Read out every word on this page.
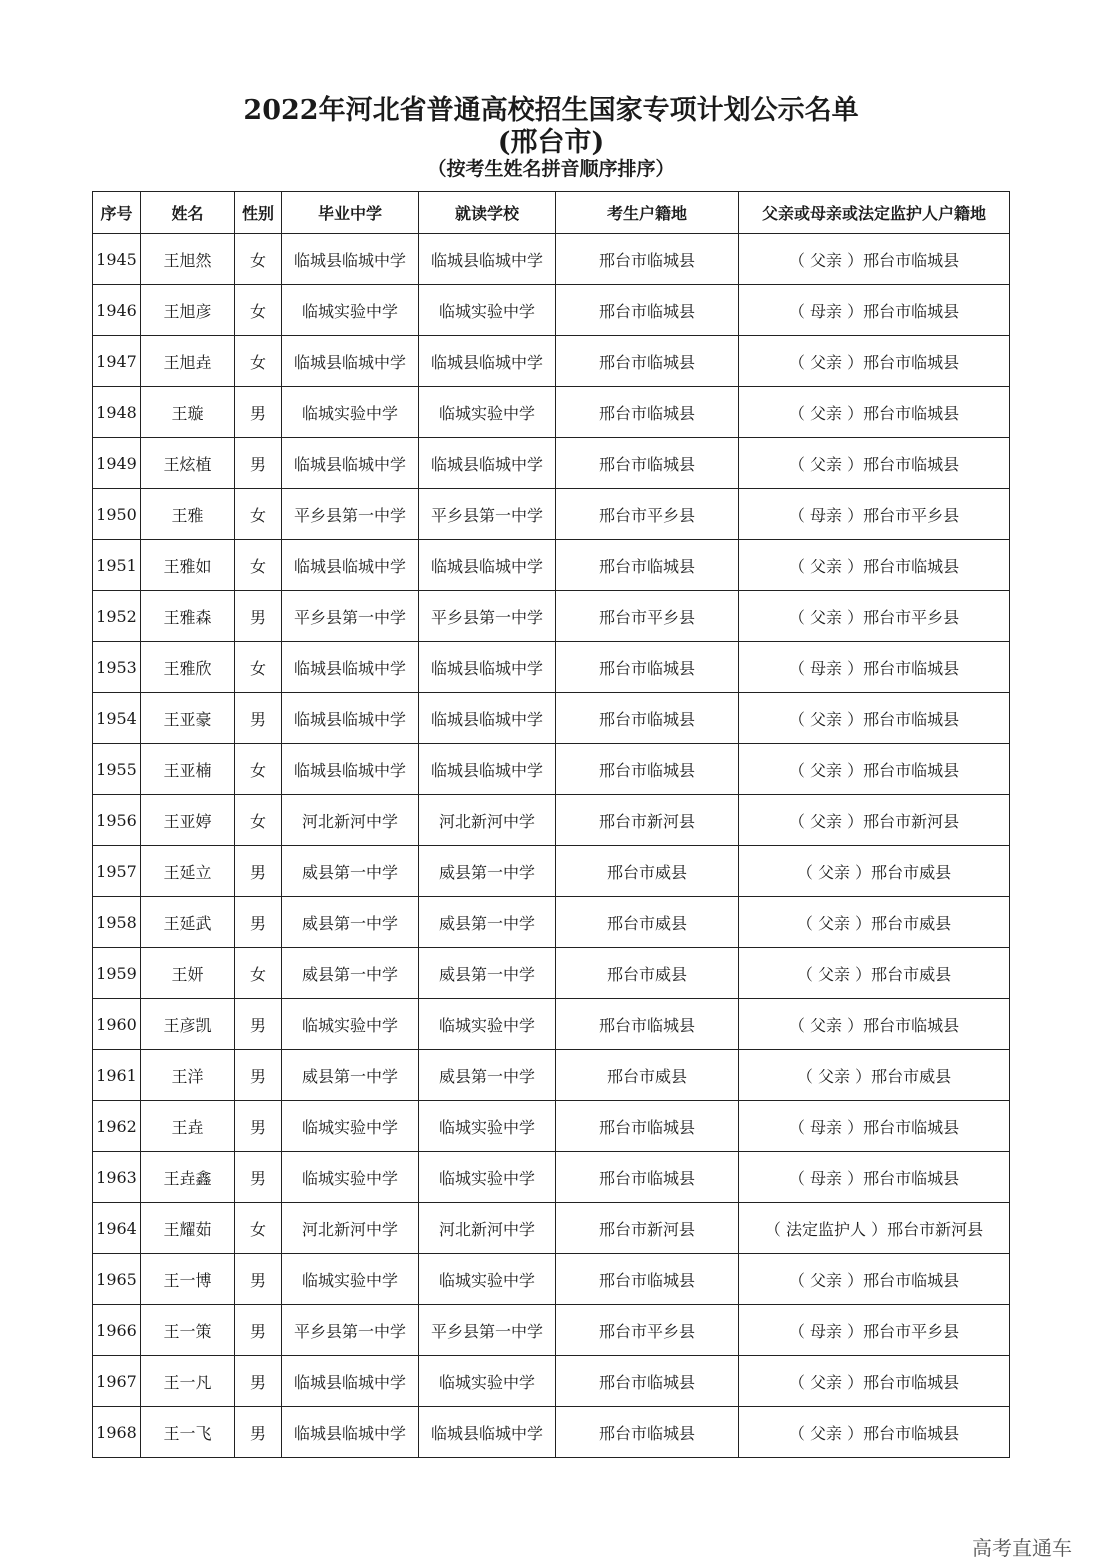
2022年河北省普通高校招生国家专项计划公示名单
(邢台市)
（按考生姓名拼音顺序排序）
序号	姓名	性别	毕业中学	就读学校	考生户籍地	父亲或母亲或法定监护人户籍地
1945	王旭然	女	临城县临城中学	临城县临城中学	邢台市临城县	（ 父亲 ）邢台市临城县
1946	王旭彦	女	临城实验中学	临城实验中学	邢台市临城县	（ 母亲 ）邢台市临城县
1947	王旭垚	女	临城县临城中学	临城县临城中学	邢台市临城县	（ 父亲 ）邢台市临城县
1948	王璇	男	临城实验中学	临城实验中学	邢台市临城县	（ 父亲 ）邢台市临城县
1949	王炫植	男	临城县临城中学	临城县临城中学	邢台市临城县	（ 父亲 ）邢台市临城县
1950	王雅	女	平乡县第一中学	平乡县第一中学	邢台市平乡县	（ 母亲 ）邢台市平乡县
1951	王雅如	女	临城县临城中学	临城县临城中学	邢台市临城县	（ 父亲 ）邢台市临城县
1952	王雅森	男	平乡县第一中学	平乡县第一中学	邢台市平乡县	（ 父亲 ）邢台市平乡县
1953	王雅欣	女	临城县临城中学	临城县临城中学	邢台市临城县	（ 母亲 ）邢台市临城县
1954	王亚豪	男	临城县临城中学	临城县临城中学	邢台市临城县	（ 父亲 ）邢台市临城县
1955	王亚楠	女	临城县临城中学	临城县临城中学	邢台市临城县	（ 父亲 ）邢台市临城县
1956	王亚婷	女	河北新河中学	河北新河中学	邢台市新河县	（ 父亲 ）邢台市新河县
1957	王延立	男	威县第一中学	威县第一中学	邢台市威县	（ 父亲 ）邢台市威县
1958	王延武	男	威县第一中学	威县第一中学	邢台市威县	（ 父亲 ）邢台市威县
1959	王妍	女	威县第一中学	威县第一中学	邢台市威县	（ 父亲 ）邢台市威县
1960	王彦凯	男	临城实验中学	临城实验中学	邢台市临城县	（ 父亲 ）邢台市临城县
1961	王洋	男	威县第一中学	威县第一中学	邢台市威县	（ 父亲 ）邢台市威县
1962	王垚	男	临城实验中学	临城实验中学	邢台市临城县	（ 母亲 ）邢台市临城县
1963	王垚鑫	男	临城实验中学	临城实验中学	邢台市临城县	（ 母亲 ）邢台市临城县
1964	王耀茹	女	河北新河中学	河北新河中学	邢台市新河县	（ 法定监护人 ）邢台市新河县
1965	王一博	男	临城实验中学	临城实验中学	邢台市临城县	（ 父亲 ）邢台市临城县
1966	王一策	男	平乡县第一中学	平乡县第一中学	邢台市平乡县	（ 母亲 ）邢台市平乡县
1967	王一凡	男	临城县临城中学	临城实验中学	邢台市临城县	（ 父亲 ）邢台市临城县
1968	王一飞	男	临城县临城中学	临城县临城中学	邢台市临城县	（ 父亲 ）邢台市临城县
高考直通车
